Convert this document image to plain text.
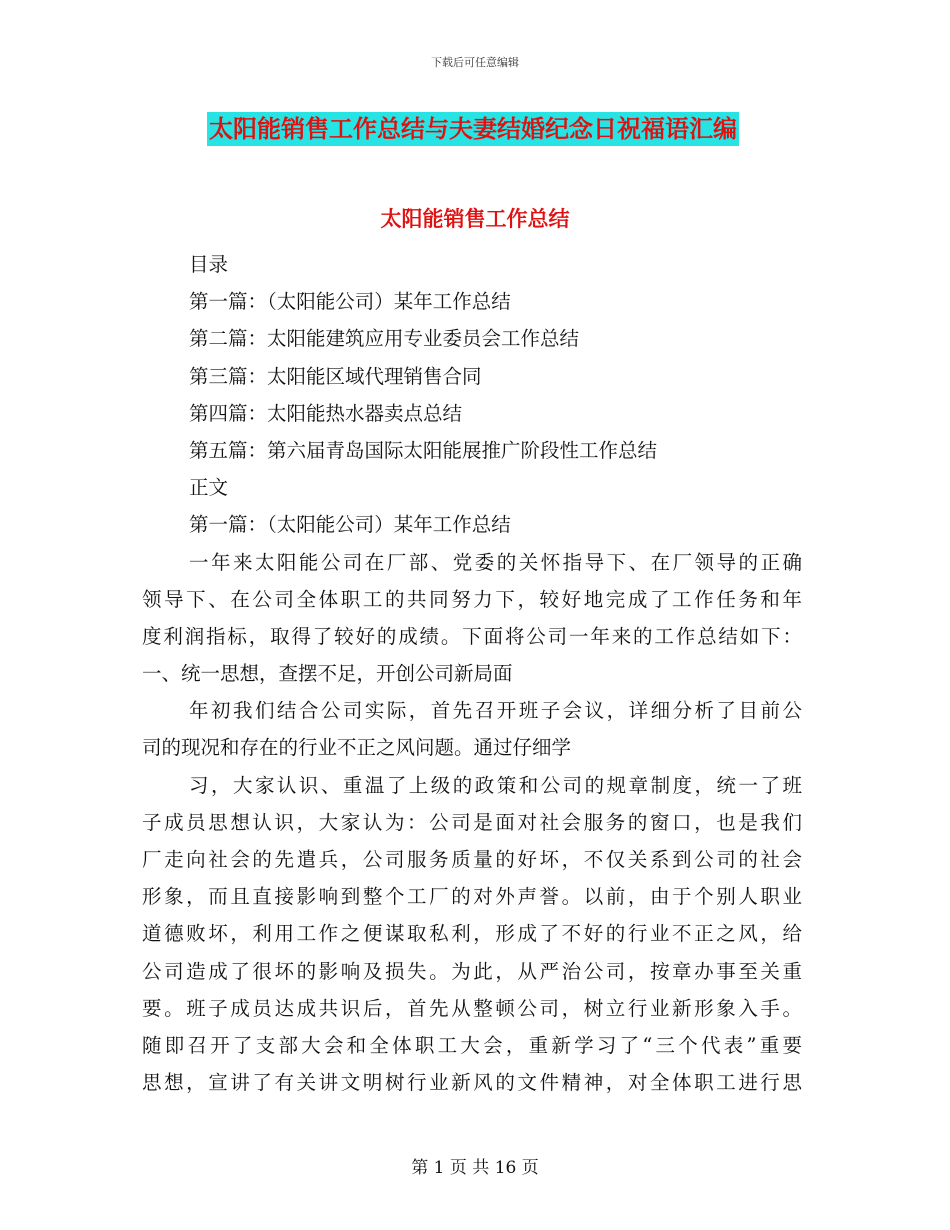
下载后可任意编辑
太阳能销售工作总结与夫妻结婚纪念日祝福语汇编
太阳能销售工作总结
目录
第一篇：（太阳能公司）某年工作总结
第二篇：太阳能建筑应用专业委员会工作总结
第三篇：太阳能区域代理销售合同
第四篇：太阳能热水器卖点总结
第五篇：第六届青岛国际太阳能展推广阶段性工作总结
正文
第一篇：（太阳能公司）某年工作总结
一年来太阳能公司在厂部、党委的关怀指导下、在厂领导的正确
领导下、在公司全体职工的共同努力下，较好地完成了工作任务和年
度利润指标，取得了较好的成绩。下面将公司一年来的工作总结如下：
一、统一思想，查摆不足，开创公司新局面
年初我们结合公司实际，首先召开班子会议，详细分析了目前公
司的现况和存在的行业不正之风问题。通过仔细学
习，大家认识、重温了上级的政策和公司的规章制度，统一了班
子成员思想认识，大家认为：公司是面对社会服务的窗口，也是我们
厂走向社会的先遣兵，公司服务质量的好坏，不仅关系到公司的社会
形象，而且直接影响到整个工厂的对外声誉。以前，由于个别人职业
道德败坏，利用工作之便谋取私利，形成了不好的行业不正之风，给
公司造成了很坏的影响及损失。为此，从严治公司，按章办事至关重
要。班子成员达成共识后，首先从整顿公司，树立行业新形象入手。
随即召开了支部大会和全体职工大会，重新学习了“三个代表”重要
思想，宣讲了有关讲文明树行业新风的文件精神，对全体职工进行思
第 1 页 共 16 页
